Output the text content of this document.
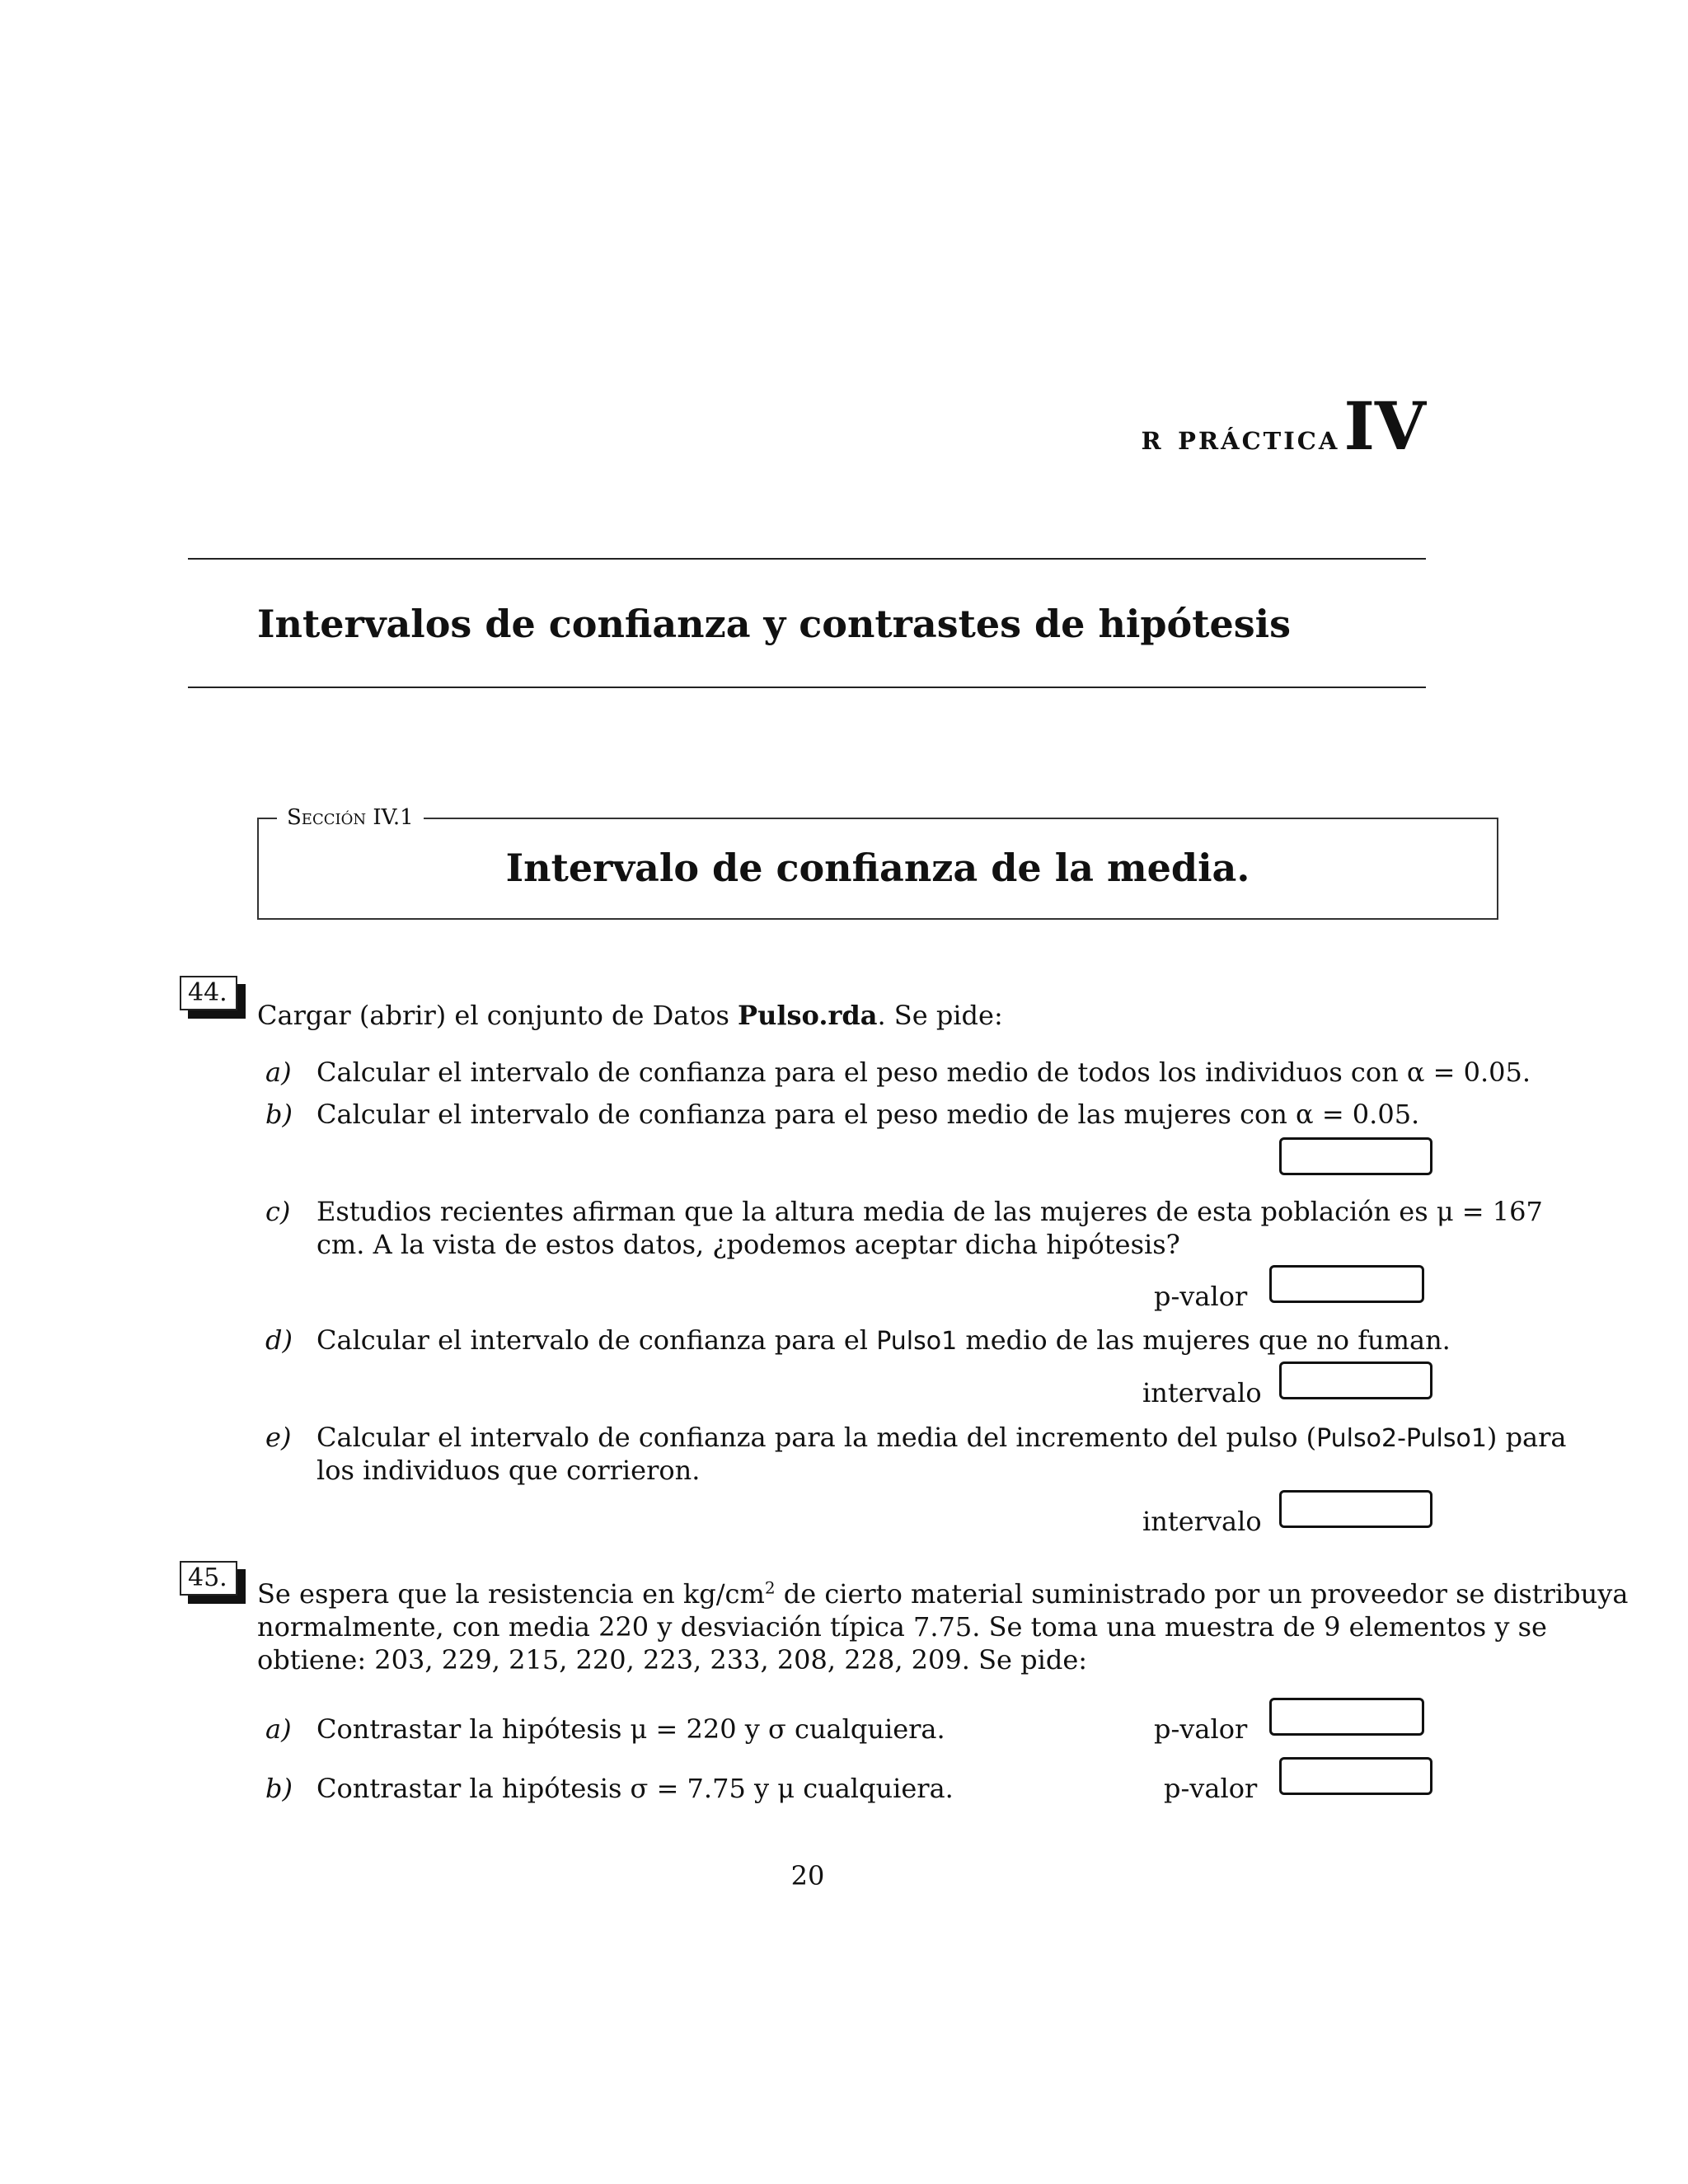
r práctica IV
Intervalos de confianza y contrastes de hipótesis
Sección IV.1
Intervalo de confianza de la media.
44.
Cargar (abrir) el conjunto de Datos Pulso.rda. Se pide:
a) Calcular el intervalo de confianza para el peso medio de todos los individuos con α = 0.05.
b) Calcular el intervalo de confianza para el peso medio de las mujeres con α = 0.05.
c) Estudios recientes afirman que la altura media de las mujeres de esta población es μ = 167
cm. A la vista de estos datos, ¿podemos aceptar dicha hipótesis?
p-valor
d) Calcular el intervalo de confianza para el Pulso1 medio de las mujeres que no fuman.
intervalo
e) Calcular el intervalo de confianza para la media del incremento del pulso (Pulso2-Pulso1) para
los individuos que corrieron.
intervalo
45.
Se espera que la resistencia en $kg/cm^2$ de cierto material suministrado por un proveedor se distribuya
normalmente, con media 220 y desviación típica 7.75. Se toma una muestra de 9 elementos y se
obtiene: 203, 229, 215, 220, 223, 233, 208, 228, 209. Se pide:
a) Contrastar la hipótesis μ = 220 y σ cualquiera.	p-valor
b) Contrastar la hipótesis σ = 7.75 y μ cualquiera.	p-valor
20
